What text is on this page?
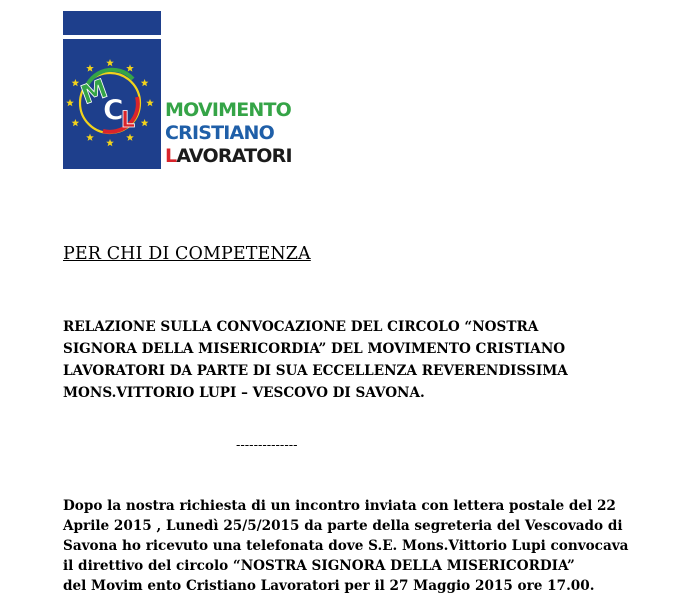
M
C
L MOVIMENTO
CRISTIANO
LAVORATORI
PER CHI DI COMPETENZA

RELAZIONE SULLA CONVOCAZIONE DEL CIRCOLO “NOSTRA
SIGNORA DELLA MISERICORDIA” DEL MOVIMENTO CRISTIANO
LAVORATORI DA PARTE DI SUA ECCELLENZA REVERENDISSIMA
MONS.VITTORIO LUPI – VESCOVO DI SAVONA.

--------------

Dopo la nostra richiesta di un incontro inviata con lettera postale del 22
Aprile 2015 , Lunedì 25/5/2015 da parte della segreteria del Vescovado di
Savona ho ricevuto una telefonata dove S.E. Mons.Vittorio Lupi convocava
il direttivo del circolo “NOSTRA SIGNORA DELLA MISERICORDIA”
del Movim ento Cristiano Lavoratori per il 27 Maggio 2015 ore 17.00.
